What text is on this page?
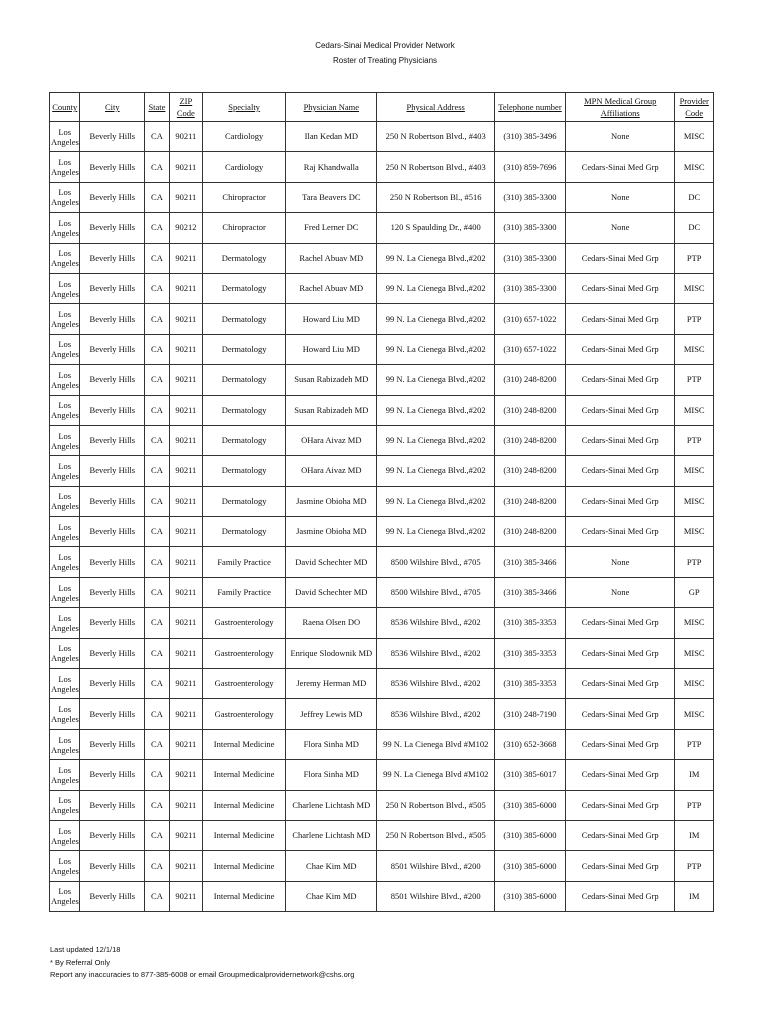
Cedars-Sinai Medical Provider Network
Roster of Treating Physicians
County	City	State	ZIP Code	Specialty	Physician Name	Physical Address	Telephone number	MPN Medical Group Affiliations	Provider Code
Los Angeles	Beverly Hills	CA	90211	Cardiology	Ilan Kedan MD	250 N Robertson Blvd., #403	(310) 385-3496	None	MISC
Los Angeles	Beverly Hills	CA	90211	Cardiology	Raj Khandwalla	250 N Robertson Blvd., #403	(310) 859-7696	Cedars-Sinai Med Grp	MISC
Los Angeles	Beverly Hills	CA	90211	Chiropractor	Tara Beavers DC	250 N Robertson Bl., #516	(310) 385-3300	None	DC
Los Angeles	Beverly Hills	CA	90212	Chiropractor	Fred Lerner DC	120 S Spaulding Dr., #400	(310) 385-3300	None	DC
Los Angeles	Beverly Hills	CA	90211	Dermatology	Rachel Abuav MD	99 N. La Cienega Blvd.,#202	(310) 385-3300	Cedars-Sinai Med Grp	PTP
Los Angeles	Beverly Hills	CA	90211	Dermatology	Rachel Abuav MD	99 N. La Cienega Blvd.,#202	(310) 385-3300	Cedars-Sinai Med Grp	MISC
Los Angeles	Beverly Hills	CA	90211	Dermatology	Howard Liu MD	99 N. La Cienega Blvd.,#202	(310) 657-1022	Cedars-Sinai Med Grp	PTP
Los Angeles	Beverly Hills	CA	90211	Dermatology	Howard Liu MD	99 N. La Cienega Blvd.,#202	(310) 657-1022	Cedars-Sinai Med Grp	MISC
Los Angeles	Beverly Hills	CA	90211	Dermatology	Susan Rabizadeh MD	99 N. La Cienega Blvd.,#202	(310) 248-8200	Cedars-Sinai Med Grp	PTP
Los Angeles	Beverly Hills	CA	90211	Dermatology	Susan Rabizadeh MD	99 N. La Cienega Blvd.,#202	(310) 248-8200	Cedars-Sinai Med Grp	MISC
Los Angeles	Beverly Hills	CA	90211	Dermatology	OHara Aivaz MD	99 N. La Cienega Blvd.,#202	(310) 248-8200	Cedars-Sinai Med Grp	PTP
Los Angeles	Beverly Hills	CA	90211	Dermatology	OHara Aivaz MD	99 N. La Cienega Blvd.,#202	(310) 248-8200	Cedars-Sinai Med Grp	MISC
Los Angeles	Beverly Hills	CA	90211	Dermatology	Jasmine Obioha MD	99 N. La Cienega Blvd.,#202	(310) 248-8200	Cedars-Sinai Med Grp	MISC
Los Angeles	Beverly Hills	CA	90211	Dermatology	Jasmine Obioha MD	99 N. La Cienega Blvd.,#202	(310) 248-8200	Cedars-Sinai Med Grp	MISC
Los Angeles	Beverly Hills	CA	90211	Family Practice	David Schechter MD	8500 Wilshire Blvd., #705	(310) 385-3466	None	PTP
Los Angeles	Beverly Hills	CA	90211	Family Practice	David Schechter MD	8500 Wilshire Blvd., #705	(310) 385-3466	None	GP
Los Angeles	Beverly Hills	CA	90211	Gastroenterology	Raena Olsen DO	8536 Wilshire Blvd., #202	(310) 385-3353	Cedars-Sinai Med Grp	MISC
Los Angeles	Beverly Hills	CA	90211	Gastroenterology	Enrique Slodownik MD	8536 Wilshire Blvd., #202	(310) 385-3353	Cedars-Sinai Med Grp	MISC
Los Angeles	Beverly Hills	CA	90211	Gastroenterology	Jeremy Herman MD	8536 Wilshire Blvd., #202	(310) 385-3353	Cedars-Sinai Med Grp	MISC
Los Angeles	Beverly Hills	CA	90211	Gastroenterology	Jeffrey Lewis MD	8536 Wilshire Blvd., #202	(310) 248-7190	Cedars-Sinai Med Grp	MISC
Los Angeles	Beverly Hills	CA	90211	Internal Medicine	Flora Sinha MD	99 N. La Cienega Blvd #M102	(310) 652-3668	Cedars-Sinai Med Grp	PTP
Los Angeles	Beverly Hills	CA	90211	Internal Medicine	Flora Sinha MD	99 N. La Cienega Blvd #M102	(310) 385-6017	Cedars-Sinai Med Grp	IM
Los Angeles	Beverly Hills	CA	90211	Internal Medicine	Charlene Lichtash MD	250 N Robertson Blvd., #505	(310) 385-6000	Cedars-Sinai Med Grp	PTP
Los Angeles	Beverly Hills	CA	90211	Internal Medicine	Charlene Lichtash MD	250 N Robertson Blvd., #505	(310) 385-6000	Cedars-Sinai Med Grp	IM
Los Angeles	Beverly Hills	CA	90211	Internal Medicine	Chae Kim MD	8501 Wilshire Blvd., #200	(310) 385-6000	Cedars-Sinai Med Grp	PTP
Los Angeles	Beverly Hills	CA	90211	Internal Medicine	Chae Kim MD	8501 Wilshire Blvd., #200	(310) 385-6000	Cedars-Sinai Med Grp	IM
Last updated 12/1/18
* By Referral Only
Report any inaccuracies to 877-385-6008 or email Groupmedicalprovidernetwork@cshs.org
